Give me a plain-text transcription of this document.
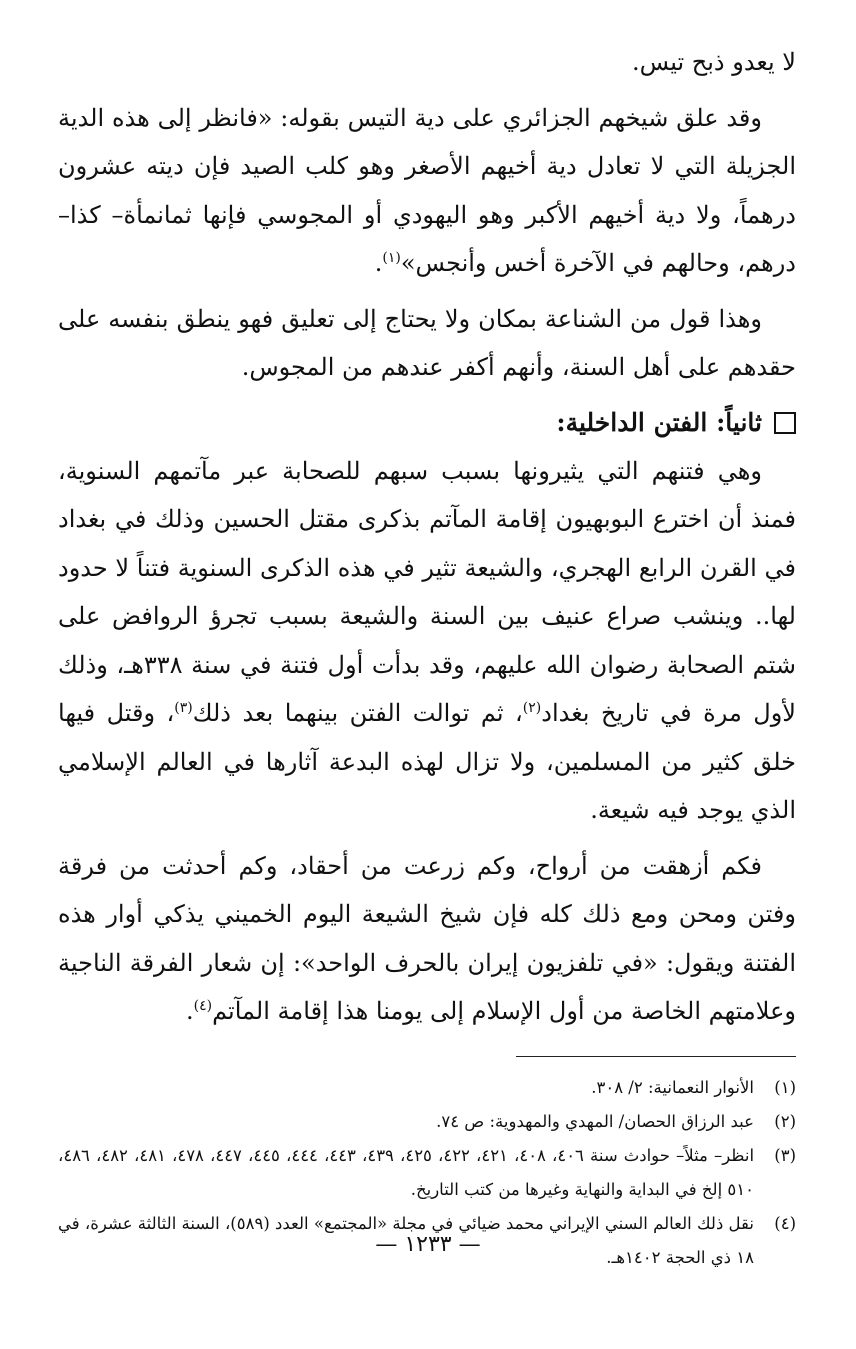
لا يعدو ذبح تيس.

وقد علق شيخهم الجزائري على دية التيس بقوله: «فانظر إلى هذه الدية الجزيلة التي لا تعادل دية أخيهم الأصغر وهو كلب الصيد فإن ديته عشرون درهماً، ولا دية أخيهم الأكبر وهو اليهودي أو المجوسي فإنها ثمانمأة– كذا– درهم، وحالهم في الآخرة أخس وأنجس»$^{(١)}$.

وهذا قول من الشناعة بمكان ولا يحتاج إلى تعليق فهو ينطق بنفسه على حقدهم على أهل السنة، وأنهم أكفر عندهم من المجوس.

ثانياً: الفتن الداخلية:

وهي فتنهم التي يثيرونها بسبب سبهم للصحابة عبر مآتمهم السنوية، فمنذ أن اخترع البوبهيون إقامة المآتم بذكرى مقتل الحسين وذلك في بغداد في القرن الرابع الهجري، والشيعة تثير في هذه الذكرى السنوية فتناً لا حدود لها.. وينشب صراع عنيف بين السنة والشيعة بسبب تجرؤ الروافض على شتم الصحابة رضوان الله عليهم، وقد بدأت أول فتنة في سنة ٣٣٨هـ، وذلك لأول مرة في تاريخ بغداد$^{(٢)}$، ثم توالت الفتن بينهما بعد ذلك$^{(٣)}$، وقتل فيها خلق كثير من المسلمين، ولا تزال لهذه البدعة آثارها في العالم الإسلامي الذي يوجد فيه شيعة.

فكم أزهقت من أرواح، وكم زرعت من أحقاد، وكم أحدثت من فرقة وفتن ومحن ومع ذلك كله فإن شيخ الشيعة اليوم الخميني يذكي أوار هذه الفتنة ويقول: «في تلفزيون إيران بالحرف الواحد»: إن شعار الفرقة الناجية وعلامتهم الخاصة من أول الإسلام إلى يومنا هذا إقامة المآتم$^{(٤)}$.

(١)
الأنوار النعمانية: ٢/ ٣٠٨.
(٢)
عبد الرزاق الحصان/ المهدي والمهدوية: ص ٧٤.
(٣)
انظر– مثلاً– حوادث سنة ٤٠٦، ٤٠٨، ٤٢١، ٤٢٢، ٤٢٥، ٤٣٩، ٤٤٣، ٤٤٤، ٤٤٥، ٤٤٧، ٤٧٨، ٤٨١، ٤٨٢، ٤٨٦، ٥١٠ إلخ في البداية والنهاية وغيرها من كتب التاريخ.
(٤)
نقل ذلك العالم السني الإيراني محمد ضيائي في مجلة «المجتمع» العدد (٥٨٩)، السنة الثالثة عشرة، في ١٨ ذي الحجة ١٤٠٢هـ.
— ١٢٣٣ —
